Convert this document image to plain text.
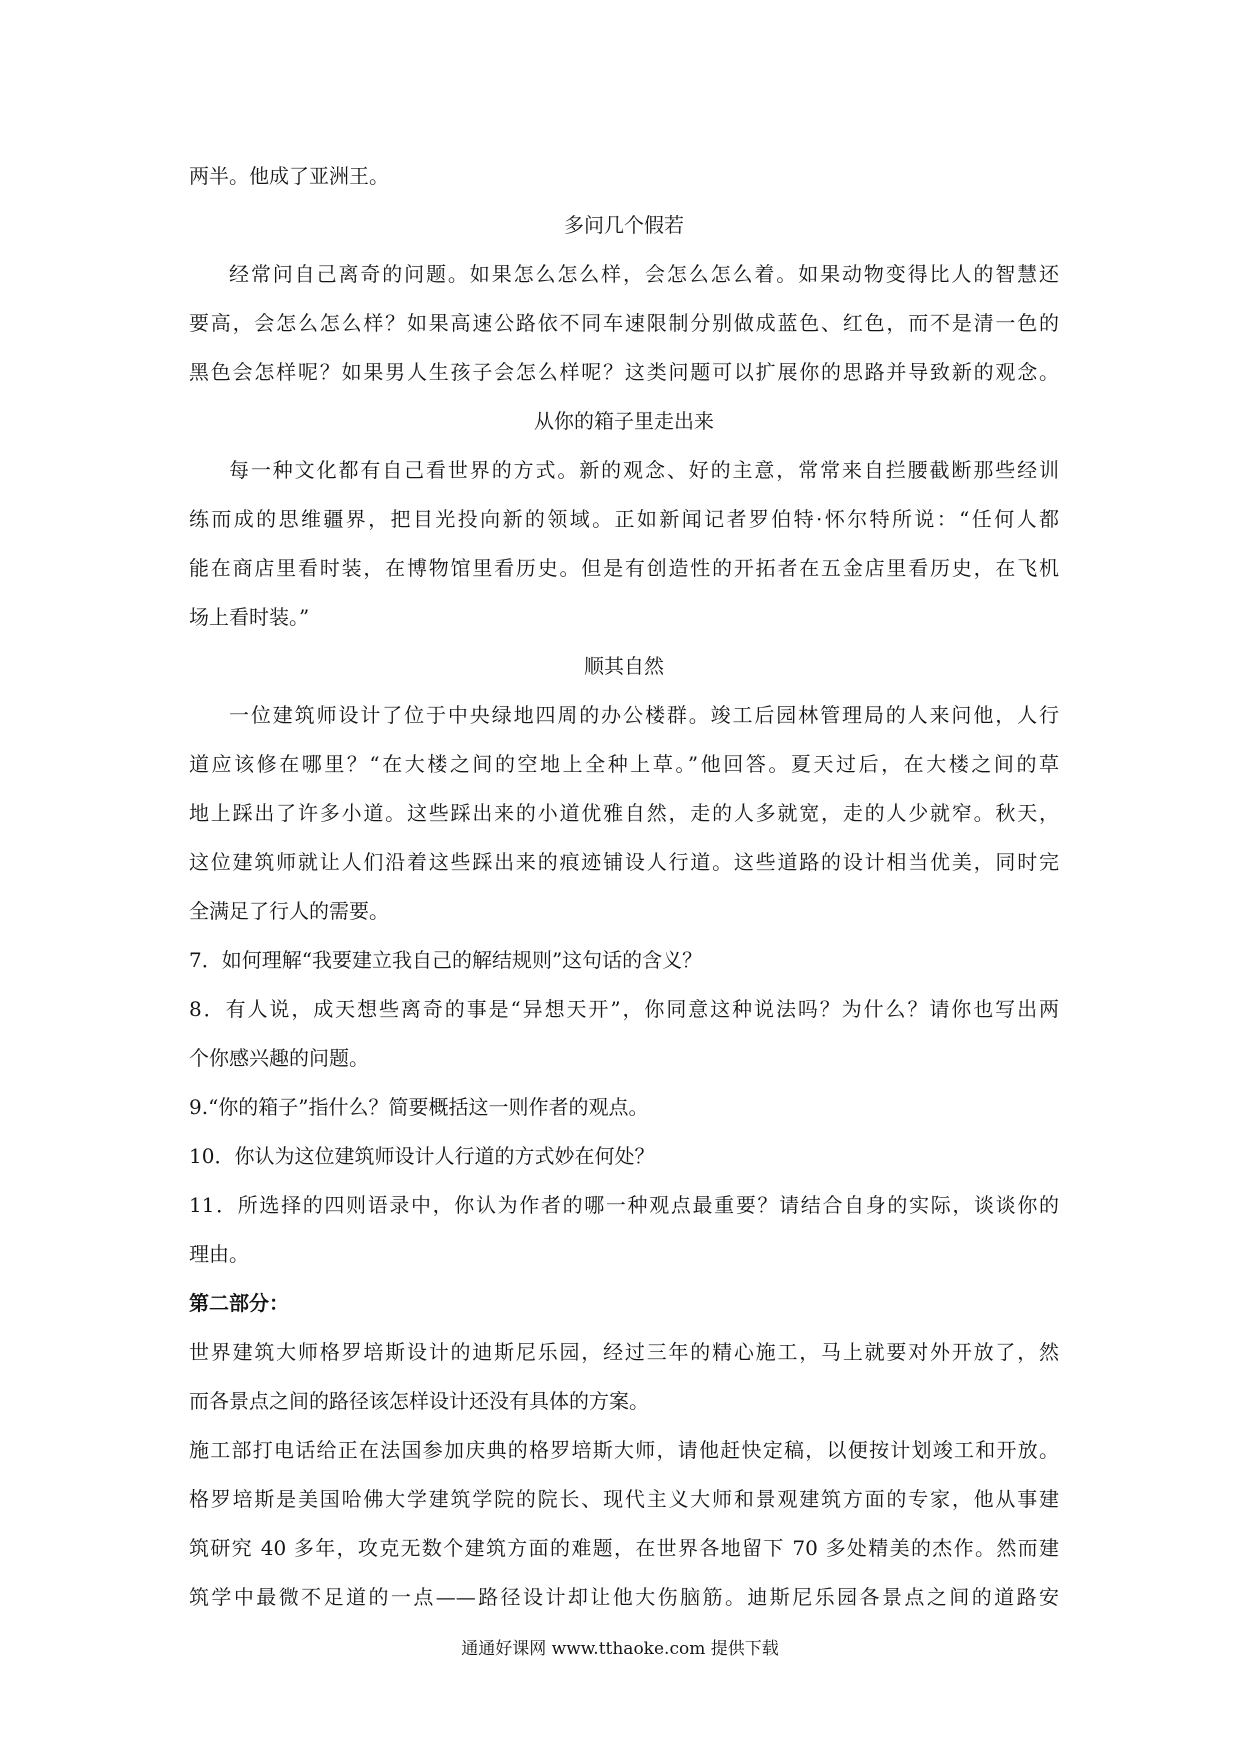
两半。他成了亚洲王。
多问几个假若
经常问自己离奇的问题。如果怎么怎么样，会怎么怎么着。如果动物变得比人的智慧还
要高，会怎么怎么样？如果高速公路依不同车速限制分别做成蓝色、红色，而不是清一色的
黑色会怎样呢？如果男人生孩子会怎么样呢？这类问题可以扩展你的思路并导致新的观念。
从你的箱子里走出来
每一种文化都有自己看世界的方式。新的观念、好的主意，常常来自拦腰截断那些经训
练而成的思维疆界，把目光投向新的领域。正如新闻记者罗伯特·怀尔特所说：“任何人都
能在商店里看时装，在博物馆里看历史。但是有创造性的开拓者在五金店里看历史，在飞机
场上看时装。”
顺其自然
一位建筑师设计了位于中央绿地四周的办公楼群。竣工后园林管理局的人来问他，人行
道应该修在哪里？“在大楼之间的空地上全种上草。”他回答。夏天过后，在大楼之间的草
地上踩出了许多小道。这些踩出来的小道优雅自然，走的人多就宽，走的人少就窄。秋天，
这位建筑师就让人们沿着这些踩出来的痕迹铺设人行道。这些道路的设计相当优美，同时完
全满足了行人的需要。
7．如何理解“我要建立我自己的解结规则”这句话的含义？
8．有人说，成天想些离奇的事是“异想天开”，你同意这种说法吗？为什么？请你也写出两
个你感兴趣的问题。
9.“你的箱子”指什么？简要概括这一则作者的观点。
10．你认为这位建筑师设计人行道的方式妙在何处？
11．所选择的四则语录中，你认为作者的哪一种观点最重要？请结合自身的实际，谈谈你的
理由。
第二部分：
世界建筑大师格罗培斯设计的迪斯尼乐园，经过三年的精心施工，马上就要对外开放了，然
而各景点之间的路径该怎样设计还没有具体的方案。
施工部打电话给正在法国参加庆典的格罗培斯大师，请他赶快定稿，以便按计划竣工和开放。
格罗培斯是美国哈佛大学建筑学院的院长、现代主义大师和景观建筑方面的专家，他从事建
筑研究 40 多年，攻克无数个建筑方面的难题，在世界各地留下 70 多处精美的杰作。然而建
筑学中最微不足道的一点——路径设计却让他大伤脑筋。迪斯尼乐园各景点之间的道路安
通通好课网 www.tthaoke.com 提供下载
